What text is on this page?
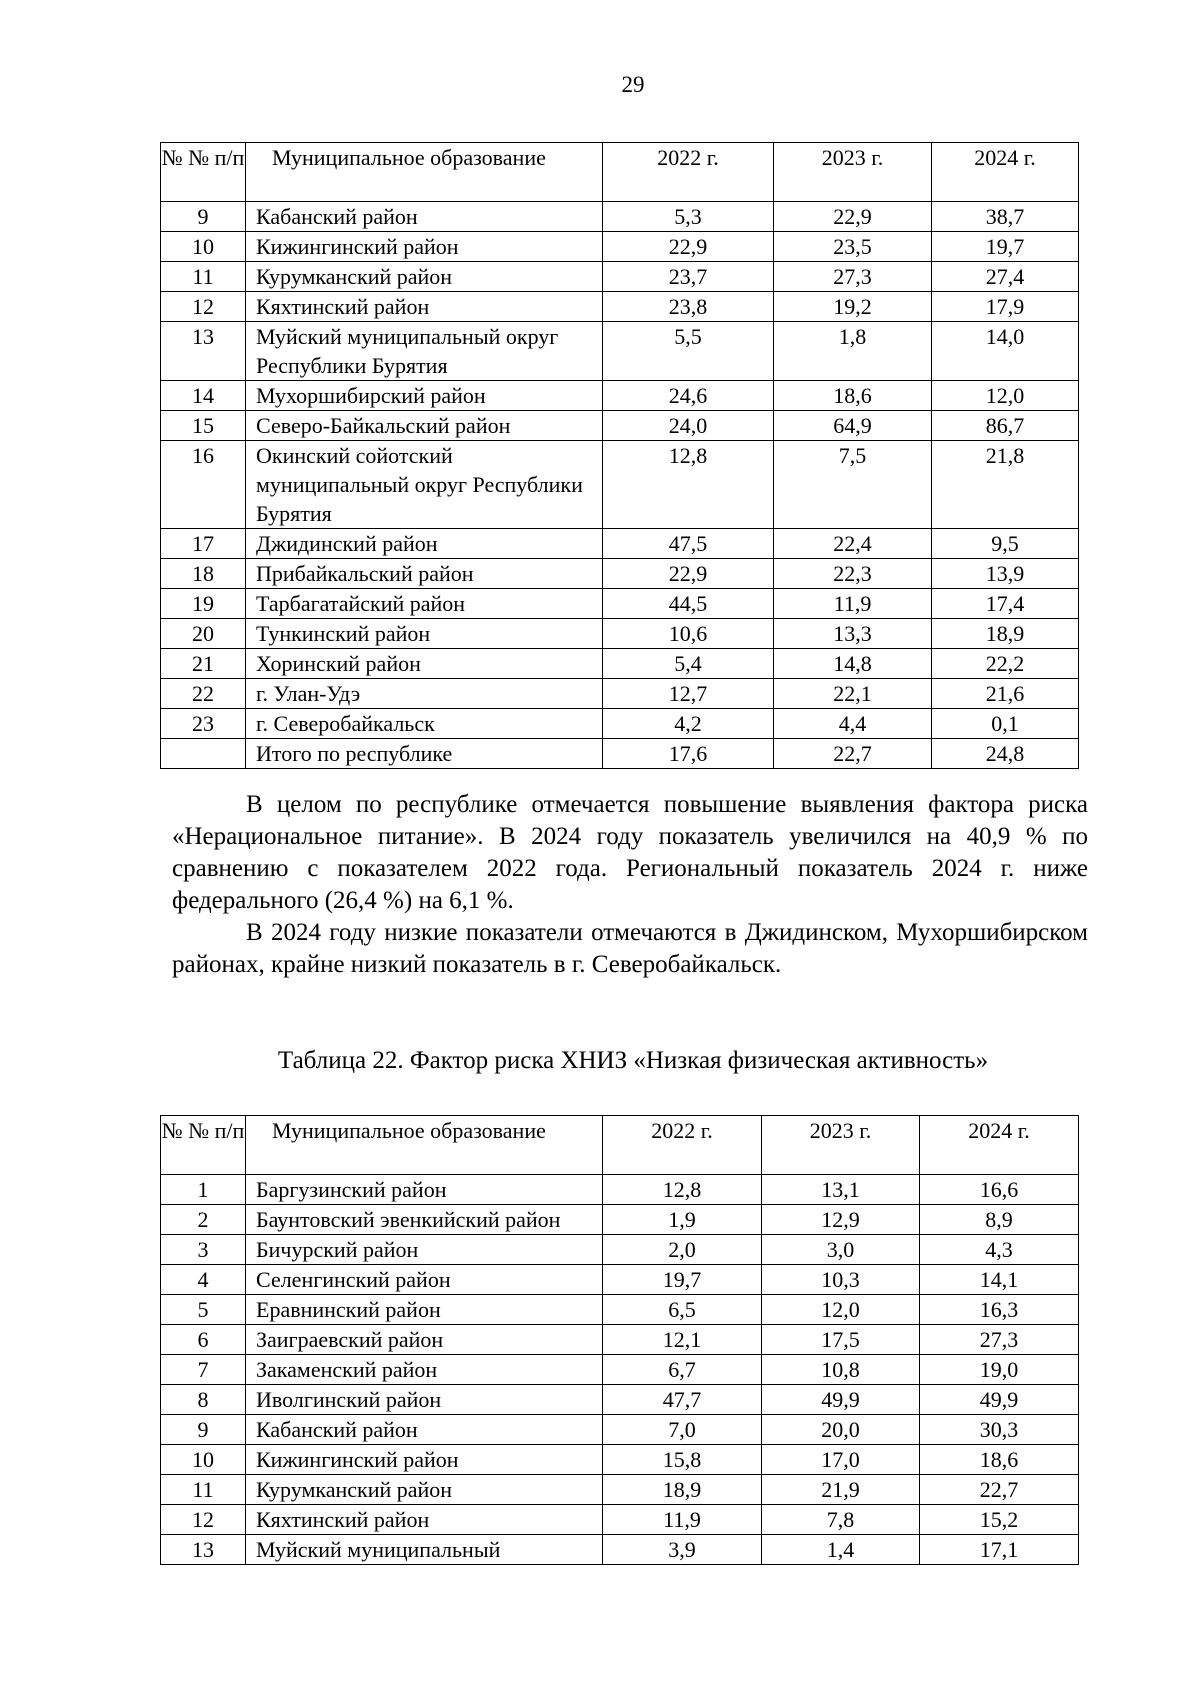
29
№ № п/п	Муниципальное образование	2022 г.	2023 г.	2024 г.
9	Кабанский район	5,3	22,9	38,7
10	Кижингинский район	22,9	23,5	19,7
11	Курумканский район	23,7	27,3	27,4
12	Кяхтинский район	23,8	19,2	17,9
13	Муйский муниципальный округ Республики Бурятия	5,5	1,8	14,0
14	Мухоршибирский район	24,6	18,6	12,0
15	Северо-Байкальский район	24,0	64,9	86,7
16	Окинский сойотский муниципальный округ Республики Бурятия	12,8	7,5	21,8
17	Джидинский район	47,5	22,4	9,5
18	Прибайкальский район	22,9	22,3	13,9
19	Тарбагатайский район	44,5	11,9	17,4
20	Тункинский район	10,6	13,3	18,9
21	Хоринский район	5,4	14,8	22,2
22	г. Улан-Удэ	12,7	22,1	21,6
23	г. Северобайкальск	4,2	4,4	0,1
	Итого по республике	17,6	22,7	24,8

В целом по республике отмечается повышение выявления фактора риска «Нерациональное питание». В 2024 году показатель увеличился на 40,9 % по сравнению с показателем 2022 года. Региональный показатель 2024 г. ниже федерального (26,4 %) на 6,1 %.

В 2024 году низкие показатели отмечаются в Джидинском, Мухоршибирском районах, крайне низкий показатель в г. Северобайкальск.

Таблица 22. Фактор риска ХНИЗ «Низкая физическая активность»
№ № п/п	Муниципальное образование	2022 г.	2023 г.	2024 г.
1	Баргузинский район	12,8	13,1	16,6
2	Баунтовский эвенкийский район	1,9	12,9	8,9
3	Бичурский район	2,0	3,0	4,3
4	Селенгинский район	19,7	10,3	14,1
5	Еравнинский район	6,5	12,0	16,3
6	Заиграевский район	12,1	17,5	27,3
7	Закаменский район	6,7	10,8	19,0
8	Иволгинский район	47,7	49,9	49,9
9	Кабанский район	7,0	20,0	30,3
10	Кижингинский район	15,8	17,0	18,6
11	Курумканский район	18,9	21,9	22,7
12	Кяхтинский район	11,9	7,8	15,2
13	Муйский муниципальный	3,9	1,4	17,1
